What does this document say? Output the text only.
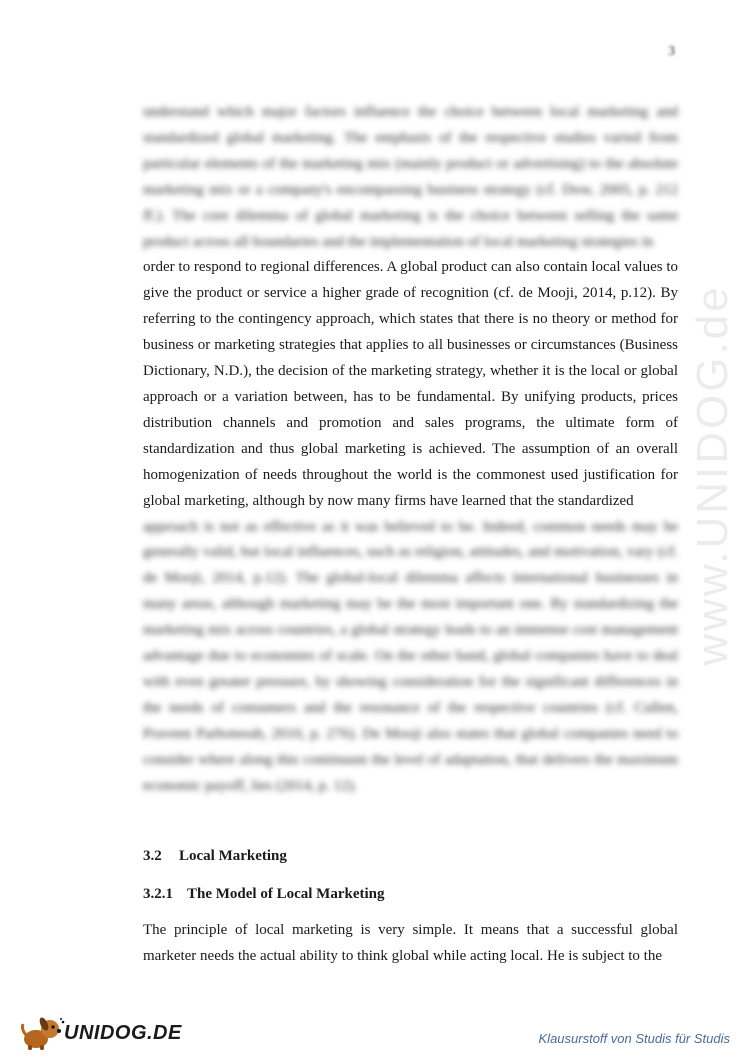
www.UNIDOG.de
3

understand which major factors influence the choice between local marketing and standardized global marketing. The emphasis of the respective studies varied from particular elements of the marketing mix (mainly product or advertising) to the absolute marketing mix or a company's encompassing business strategy (cf. Dow, 2005, p. 212 ff.). The core dilemma of global marketing is the choice between selling the same product across all boundaries and the implementation of local marketing strategies in

order to respond to regional differences. A global product can also contain local values to give the product or service a higher grade of recognition (cf. de Mooji, 2014, p.12). By referring to the contingency approach, which states that there is no theory or method for business or marketing strategies that applies to all businesses or circumstances (Business Dictionary, N.D.), the decision of the marketing strategy, whether it is the local or global approach or a variation between, has to be fundamental. By unifying products, prices distribution channels and promotion and sales programs, the ultimate form of standardization and thus global marketing is achieved. The assumption of an overall homogenization of needs throughout the world is the commonest used justification for global marketing, although by now many firms have learned that the standardized

approach is not as effective as it was believed to be. Indeed, common needs may be generally valid, but local influences, such as religion, attitudes, and motivation, vary (cf. de Mooji, 2014, p.12). The global-local dilemma affects international businesses in many areas, although marketing may be the most important one. By standardizing the marketing mix across countries, a global strategy leads to an immense cost management advantage due to economies of scale. On the other hand, global companies have to deal with even greater pressure, by showing consideration for the significant differences in the needs of consumers and the resonance of the respective countries (cf. Cullen, Praveen Parboteeah, 2010, p. 276). De Mooji also states that global companies need to consider where along this continuum the level of adaptation, that delivers the maximum economic payoff, lies (2014, p. 12).

3.2 Local Marketing
3.2.1 The Model of Local Marketing

The principle of local marketing is very simple. It means that a successful global marketer needs the actual ability to think global while acting local. He is subject to the

UNIDOG.DE	Klausurstoff von Studis für Studis
